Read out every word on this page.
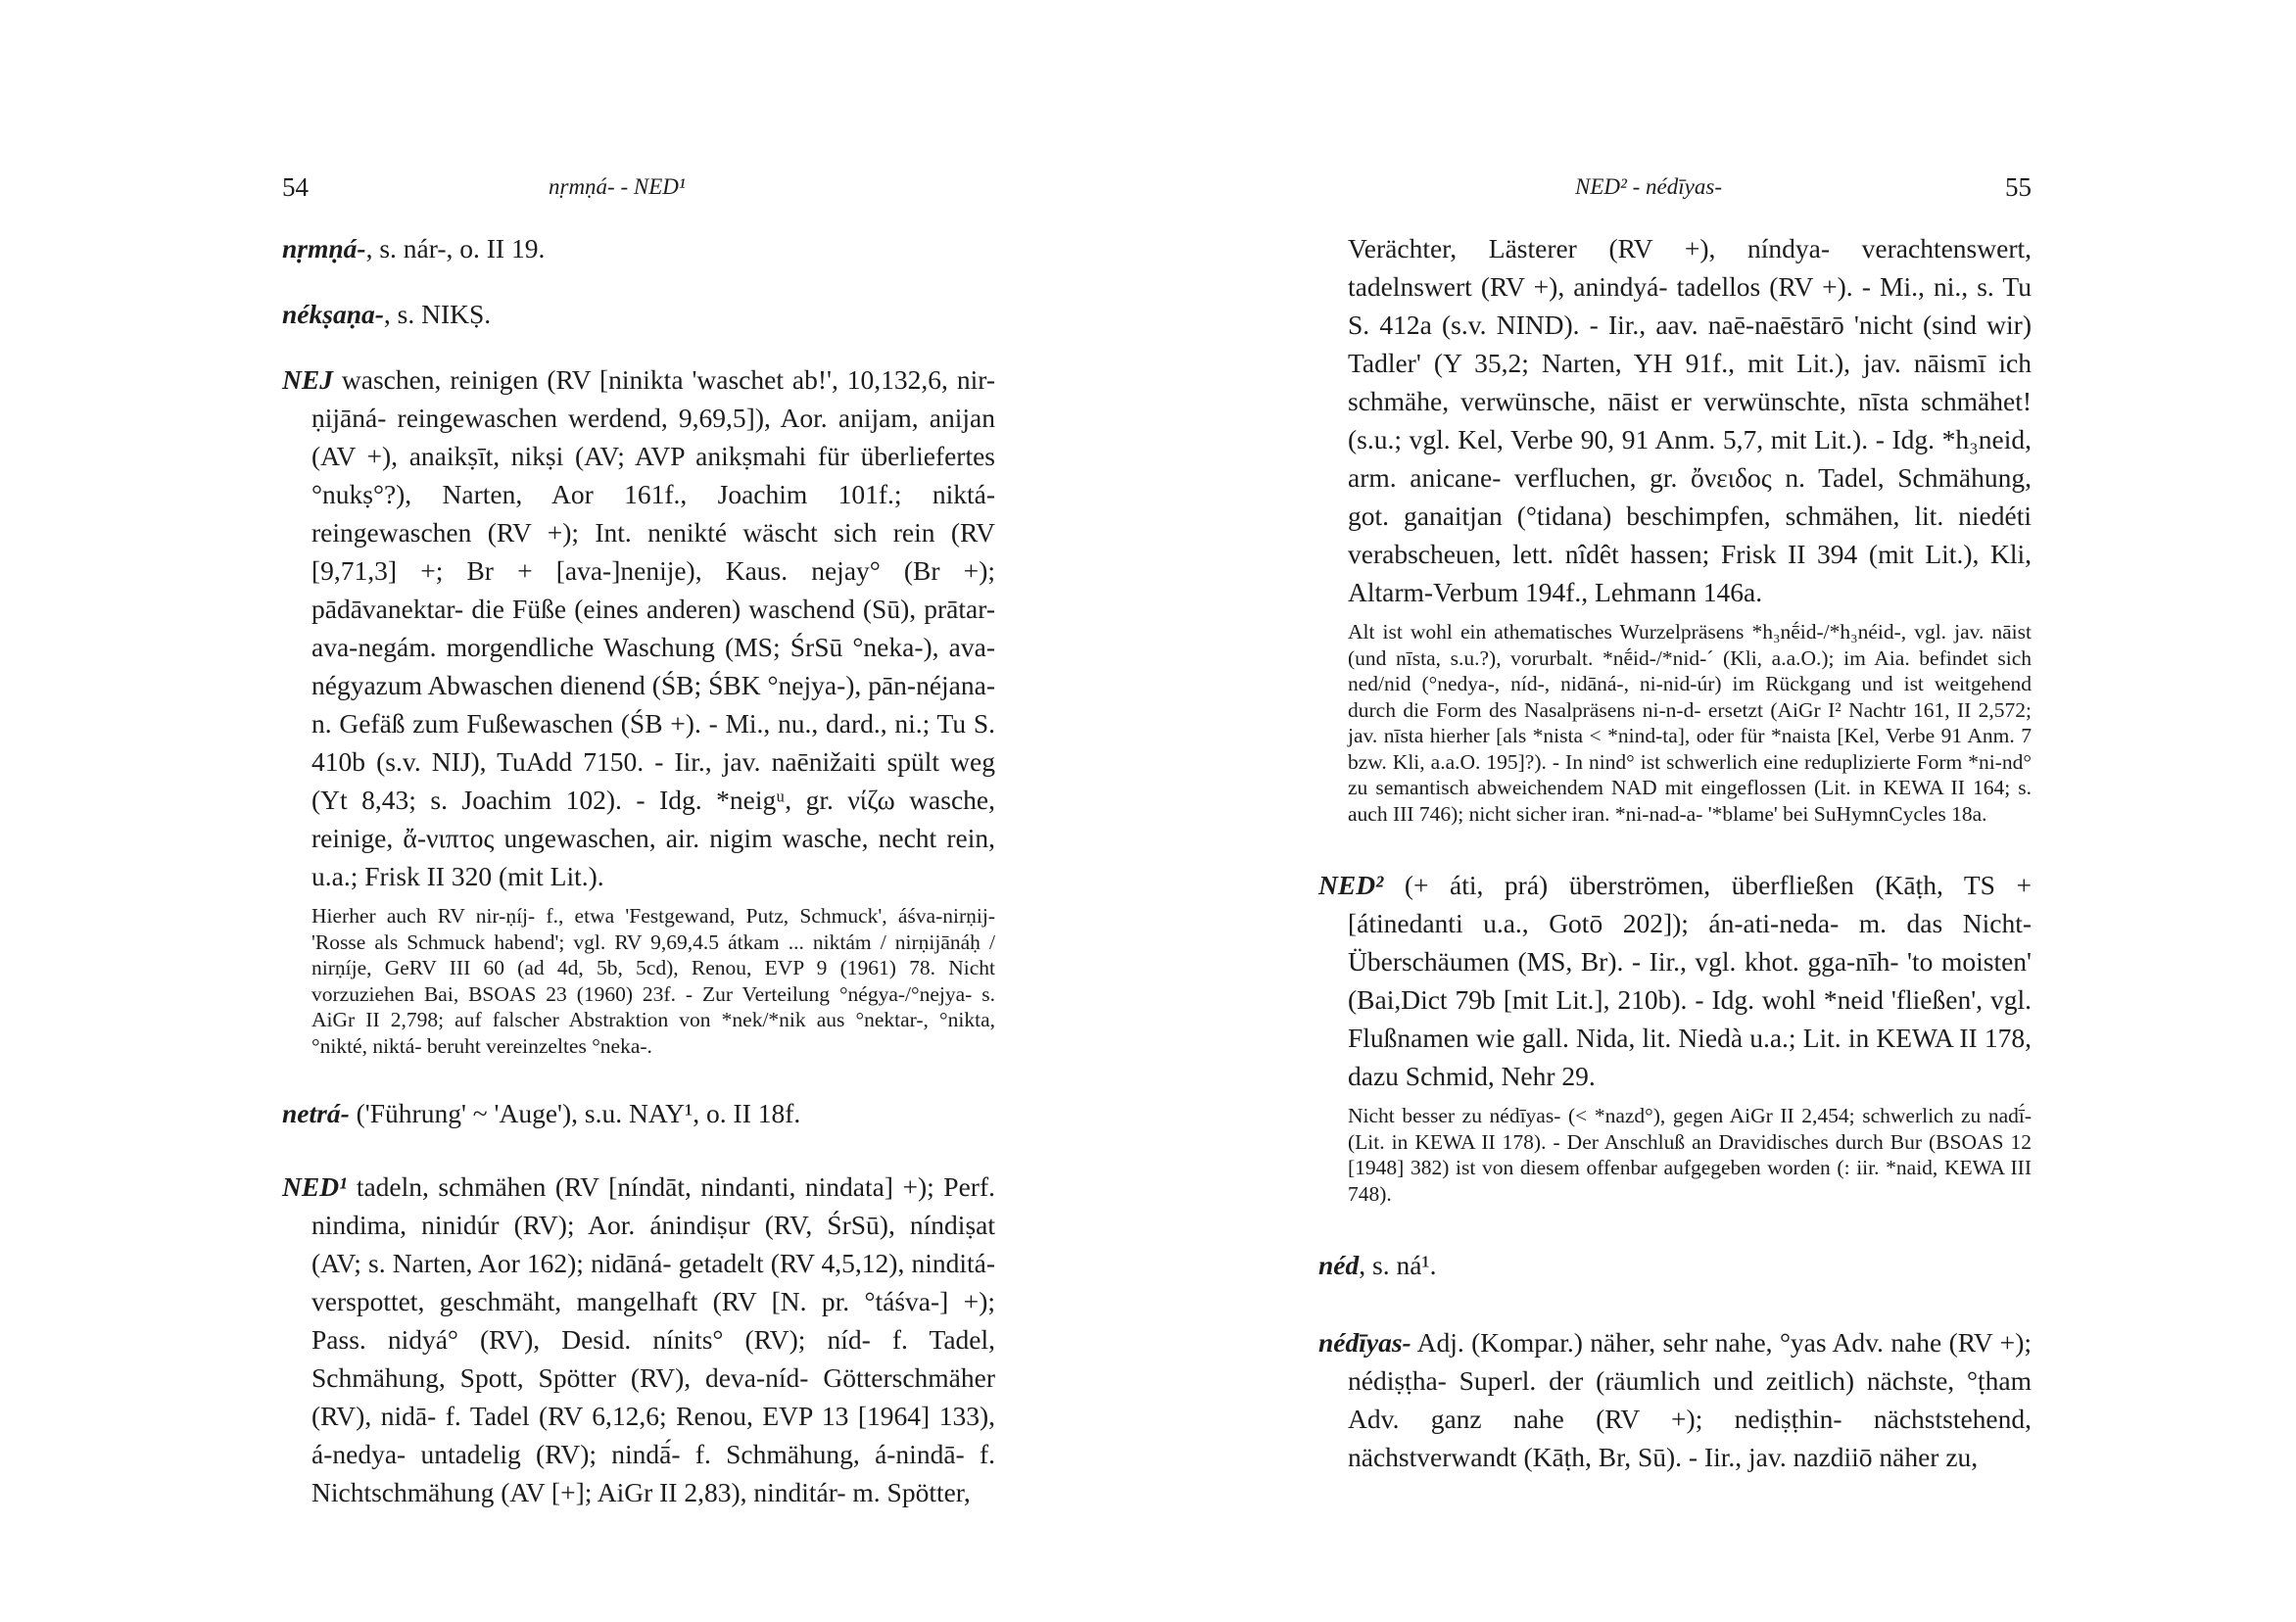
54	nṛmṇá- - NED¹

nṛmṇá-, s. nár-, o. II 19.

nékṣaṇa-, s. NIKṢ.

NEJ waschen, reinigen (RV [ninikta 'waschet ab!', 10,132,6, nir-ṇijāná- reingewaschen werdend, 9,69,5]), Aor. anijam, anijan (AV +), anaikṣīt, nikṣi (AV; AVP anikṣmahi für überliefertes °nukṣ°?), Narten, Aor 161f., Joachim 101f.; niktá- reingewaschen (RV +); Int. nenikté wäscht sich rein (RV [9,71,3] +; Br + [ava-]nenije), Kaus. nejay° (Br +); pādāvanektar- die Füße (eines anderen) waschend (Sū), prātar-ava-negám. morgendliche Waschung (MS; ŚrSū °neka-), ava-négyazum Abwaschen dienend (ŚB; ŚBK °nejya-), pān-néjana- n. Gefäß zum Fußewaschen (ŚB +). - Mi., nu., dard., ni.; Tu S. 410b (s.v. NIJ), TuAdd 7150. - Iir., jav. naēnižaiti spült weg (Yt 8,43; s. Joachim 102). - Idg. *neigᵘ, gr. νίζω wasche, reinige, ἄ-νιπτος ungewaschen, air. nigim wasche, necht rein, u.a.; Frisk II 320 (mit Lit.).

Hierher auch RV nir-ṇíj- f., etwa 'Festgewand, Putz, Schmuck', áśva-nirṇij- 'Rosse als Schmuck habend'; vgl. RV 9,69,4.5 átkam ... niktám / nirṇijānáḥ / nirṇíje, GeRV III 60 (ad 4d, 5b, 5cd), Renou, EVP 9 (1961) 78. Nicht vorzuziehen Bai, BSOAS 23 (1960) 23f. - Zur Verteilung °négya-/°nejya- s. AiGr II 2,798; auf falscher Abstraktion von *nek/*nik aus °nektar-, °nikta, °nikté, niktá- beruht vereinzeltes °neka-.

netrá- ('Führung' ~ 'Auge'), s.u. NAY¹, o. II 18f.

NED¹ tadeln, schmähen (RV [níndāt, nindanti, nindata] +); Perf. nindima, ninidúr (RV); Aor. ánindiṣur (RV, ŚrSū), níndiṣat (AV; s. Narten, Aor 162); nidāná- getadelt (RV 4,5,12), ninditá- verspottet, geschmäht, mangelhaft (RV [N. pr. °táśva-] +); Pass. nidyá° (RV), Desid. nínits° (RV); níd- f. Tadel, Schmähung, Spott, Spötter (RV), deva-níd- Götterschmäher (RV), nidā- f. Tadel (RV 6,12,6; Renou, EVP 13 [1964] 133), á-nedya- untadelig (RV); nindā́- f. Schmähung, á-nindā- f. Nichtschmähung (AV [+]; AiGr II 2,83), ninditár- m. Spötter,

NED² - nédīyas-	55

Verächter, Lästerer (RV +), níndya- verachtenswert, tadelnswert (RV +), anindyá- tadellos (RV +). - Mi., ni., s. Tu S. 412a (s.v. NIND). - Iir., aav. naē-naēstārō 'nicht (sind wir) Tadler' (Y 35,2; Narten, YH 91f., mit Lit.), jav. nāismī ich schmähe, verwünsche, nāist er verwünschte, nīsta schmähet! (s.u.; vgl. Kel, Verbe 90, 91 Anm. 5,7, mit Lit.). - Idg. *h₃neid, arm. anicane- verfluchen, gr. ὄνειδος n. Tadel, Schmähung, got. ganaitjan (°tidana) beschimpfen, schmähen, lit. niedéti verabscheuen, lett. nîdêt hassen; Frisk II 394 (mit Lit.), Kli, Altarm-Verbum 194f., Lehmann 146a.

Alt ist wohl ein athematisches Wurzelpräsens *h₃nḗid-/*h₃néid-, vgl. jav. nāist (und nīsta, s.u.?), vorurbalt. *nḗid-/*nid-´ (Kli, a.a.O.); im Aia. befindet sich ned/nid (°nedya-, níd-, nidāná-, ni-nid-úr) im Rückgang und ist weitgehend durch die Form des Nasalpräsens ni-n-d- ersetzt (AiGr I² Nachtr 161, II 2,572; jav. nīsta hierher [als *nista < *nind-ta], oder für *naista [Kel, Verbe 91 Anm. 7 bzw. Kli, a.a.O. 195]?). - In nind° ist schwerlich eine reduplizierte Form *ni-nd° zu semantisch abweichendem NAD mit eingeflossen (Lit. in KEWA II 164; s. auch III 746); nicht sicher iran. *ni-nad-a- '*blame' bei SuHymnCycles 18a.

NED² (+ áti, prá) überströmen, überfließen (Kāṭh, TS + [átinedanti u.a., Gotō 202]); án-ati-neda- m. das Nicht-Überschäumen (MS, Br). - Iir., vgl. khot. gga-nīh- 'to moisten' (Bai,Dict 79b [mit Lit.], 210b). - Idg. wohl *neid 'fließen', vgl. Flußnamen wie gall. Nida, lit. Niedà u.a.; Lit. in KEWA II 178, dazu Schmid, Nehr 29.

Nicht besser zu nédīyas- (< *nazd°), gegen AiGr II 2,454; schwerlich zu nadī́- (Lit. in KEWA II 178). - Der Anschluß an Dravidisches durch Bur (BSOAS 12 [1948] 382) ist von diesem offenbar aufgegeben worden (: iir. *naid, KEWA III 748).

néd, s. ná¹.

nédīyas- Adj. (Kompar.) näher, sehr nahe, °yas Adv. nahe (RV +); nédiṣṭha- Superl. der (räumlich und zeitlich) nächste, °ṭham Adv. ganz nahe (RV +); nediṣṭhin- nächststehend, nächstverwandt (Kāṭh, Br, Sū). - Iir., jav. nazdiiō näher zu,
